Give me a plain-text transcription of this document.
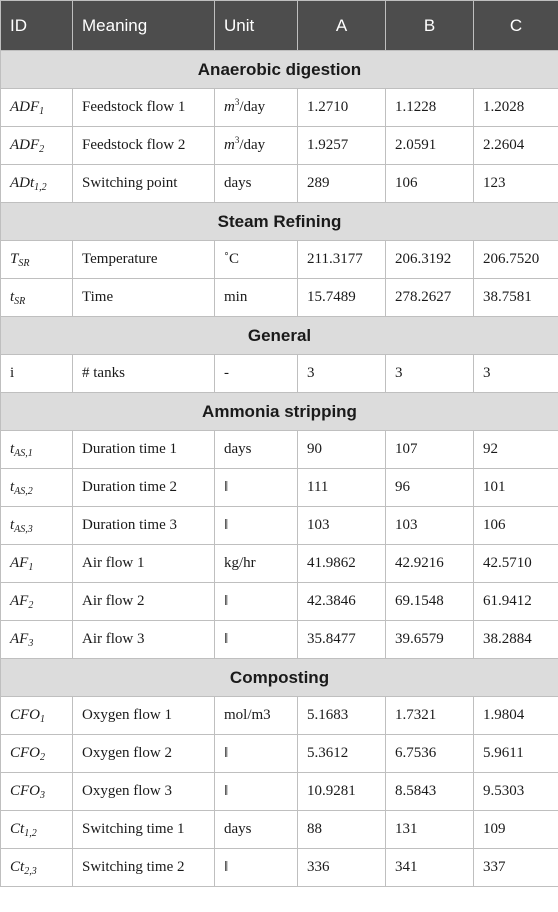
ID	Meaning	Unit	A	B	C
Anaerobic digestion					
$ADF_1$	Feedstock flow 1	$m^3$/day	1.2710	1.1228	1.2028
$ADF_2$	Feedstock flow 2	$m^3$/day	1.9257	2.0591	2.2604
ADt$_{1,2}$	Switching point	days	289	106	123
Steam Refining					
$T_{SR}$	Temperature	˚C	211.3177	206.3192	206.7520
$t_{SR}$	Time	min	15.7489	278.2627	38.7581
General					
i	# tanks	-	3	3	3
Ammonia stripping					
$t_{AS,1}$	Duration time 1	days	90	107	92
$t_{AS,2}$	Duration time 2	‖	111	96	101
$t_{AS,3}$	Duration time 3	‖	103	103	106
$AF_1$	Air flow 1	kg/hr	41.9862	42.9216	42.5710
$AF_2$	Air flow 2	‖	42.3846	69.1548	61.9412
$AF_3$	Air flow 3	‖	35.8477	39.6579	38.2884
Composting					
$CFO_1$	Oxygen flow 1	mol/m3	5.1683	1.7321	1.9804
$CFO_2$	Oxygen flow 2	‖	5.3612	6.7536	5.9611
$CFO_3$	Oxygen flow 3	‖	10.9281	8.5843	9.5303
$Ct_{1,2}$	Switching time 1	days	88	131	109
$Ct_{2,3}$	Switching time 2	‖	336	341	337
